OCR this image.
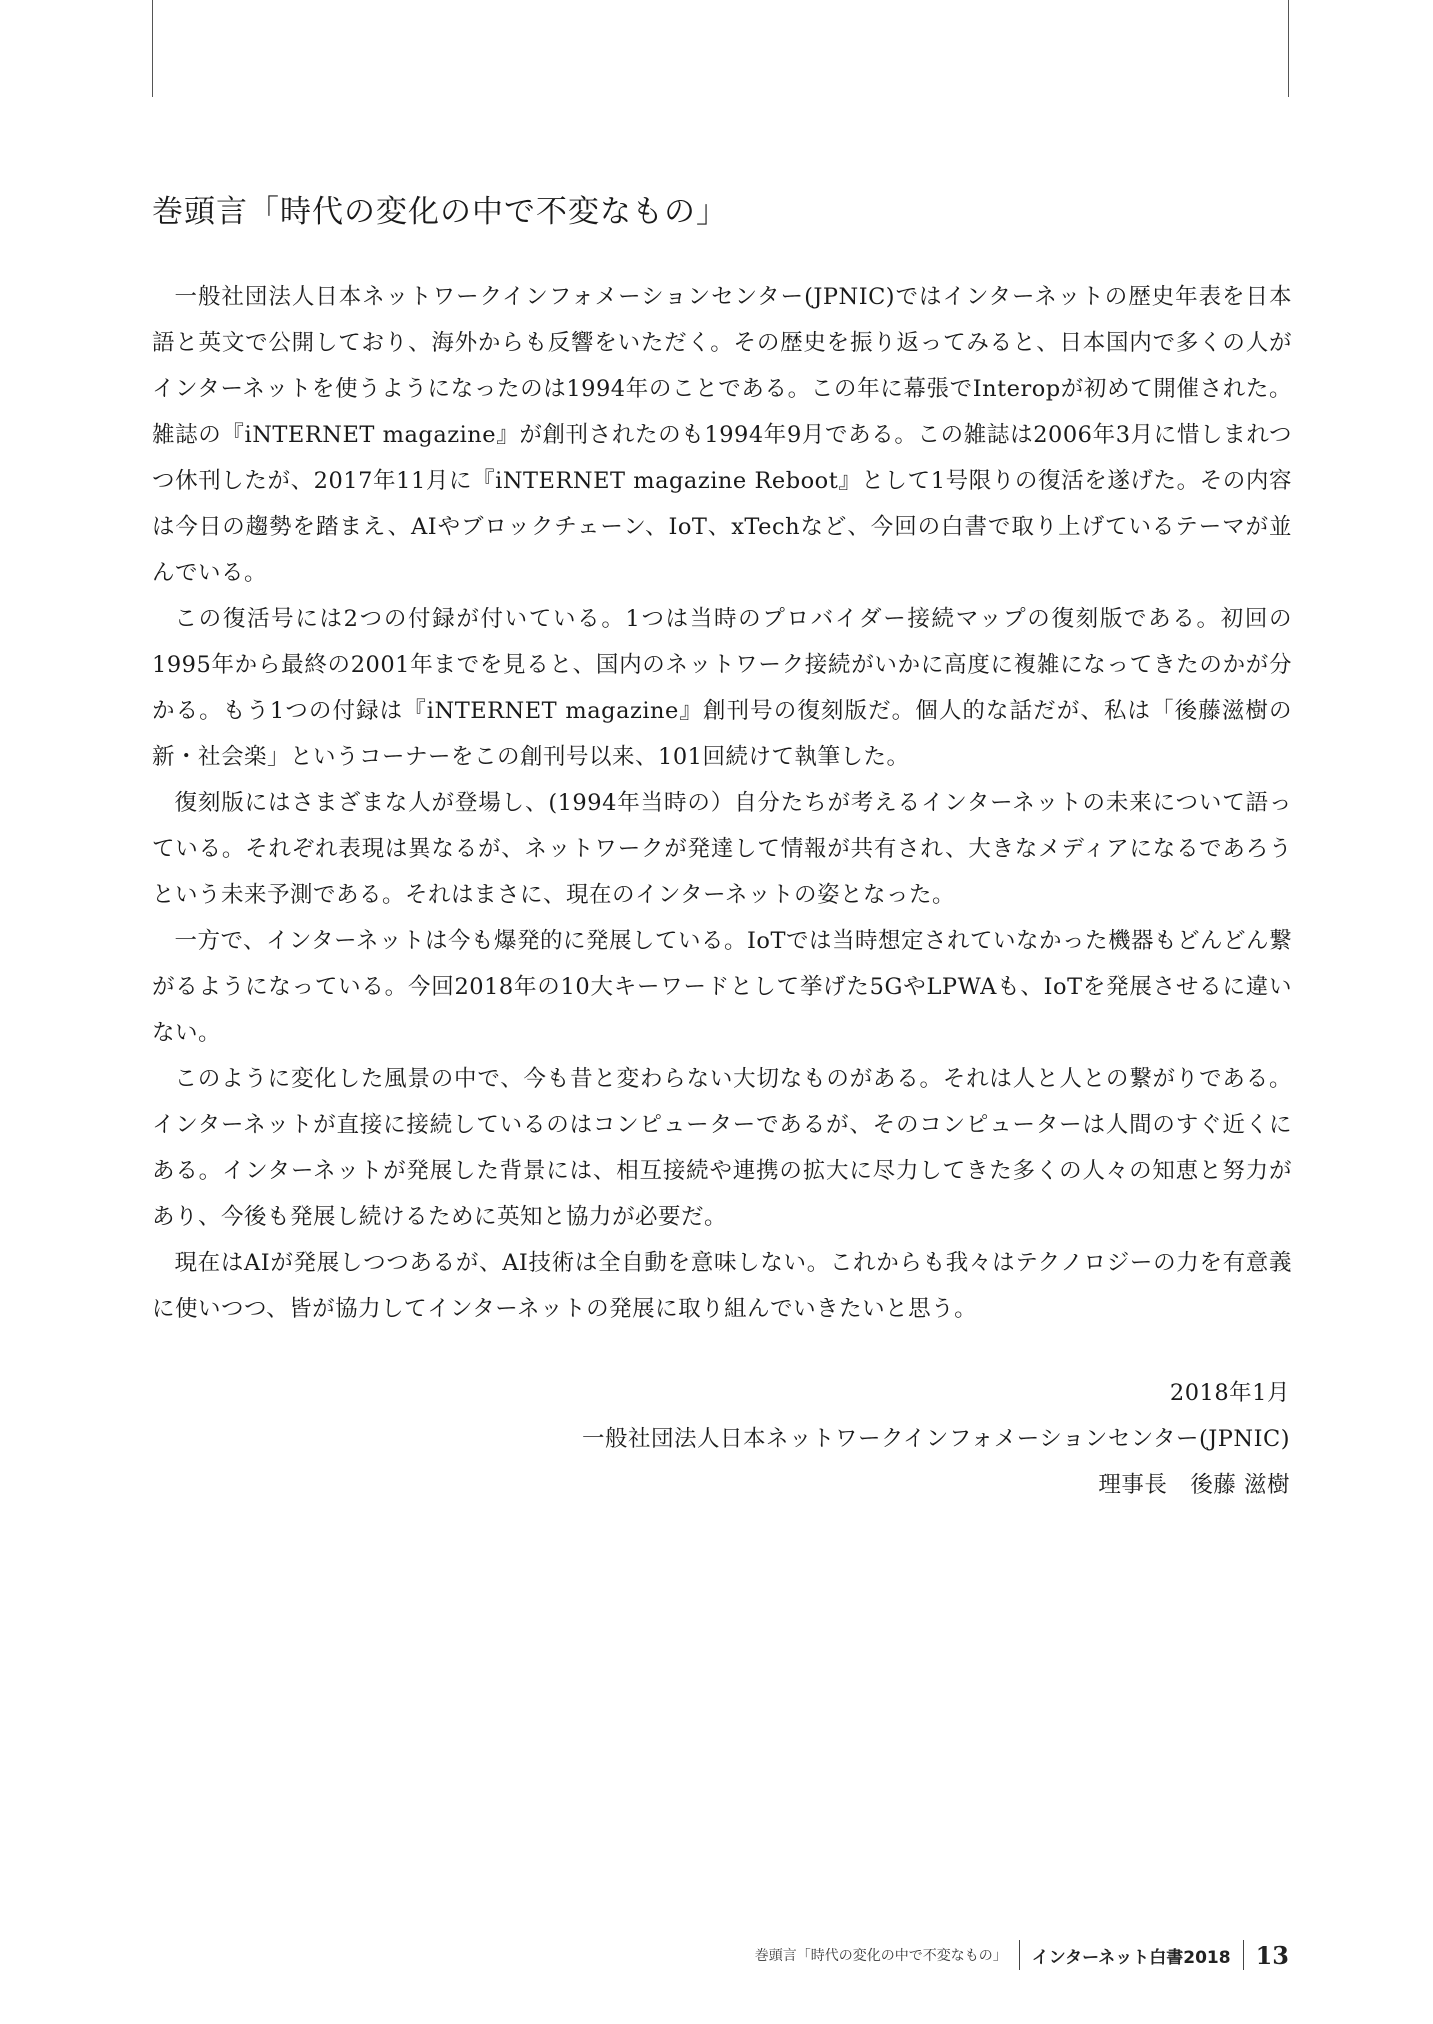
巻頭言「時代の変化の中で不変なもの」

一般社団法人日本ネットワークインフォメーションセンター(JPNIC)ではインターネットの歴史年表を日本語と英文で公開しており、海外からも反響をいただく。その歴史を振り返ってみると、日本国内で多くの人がインターネットを使うようになったのは1994年のことである。この年に幕張でInteropが初めて開催された。雑誌の『iNTERNET magazine』が創刊されたのも1994年9月である。この雑誌は2006年3月に惜しまれつつ休刊したが、2017年11月に『iNTERNET magazine Reboot』として1号限りの復活を遂げた。その内容は今日の趨勢を踏まえ、AIやブロックチェーン、IoT、xTechなど、今回の白書で取り上げているテーマが並んでいる。

この復活号には2つの付録が付いている。1つは当時のプロバイダー接続マップの復刻版である。初回の1995年から最終の2001年までを見ると、国内のネットワーク接続がいかに高度に複雑になってきたのかが分かる。もう1つの付録は『iNTERNET magazine』創刊号の復刻版だ。個人的な話だが、私は「後藤滋樹の新・社会楽」というコーナーをこの創刊号以来、101回続けて執筆した。

復刻版にはさまざまな人が登場し、(1994年当時の）自分たちが考えるインターネットの未来について語っている。それぞれ表現は異なるが、ネットワークが発達して情報が共有され、大きなメディアになるであろうという未来予測である。それはまさに、現在のインターネットの姿となった。

一方で、インターネットは今も爆発的に発展している。IoTでは当時想定されていなかった機器もどんどん繋がるようになっている。今回2018年の10大キーワードとして挙げた5GやLPWAも、IoTを発展させるに違いない。

このように変化した風景の中で、今も昔と変わらない大切なものがある。それは人と人との繋がりである。インターネットが直接に接続しているのはコンピューターであるが、そのコンピューターは人間のすぐ近くにある。インターネットが発展した背景には、相互接続や連携の拡大に尽力してきた多くの人々の知恵と努力があり、今後も発展し続けるために英知と協力が必要だ。

現在はAIが発展しつつあるが、AI技術は全自動を意味しない。これからも我々はテクノロジーの力を有意義に使いつつ、皆が協力してインターネットの発展に取り組んでいきたいと思う。

2018年1月
一般社団法人日本ネットワークインフォメーションセンター(JPNIC)
理事長　後藤 滋樹
巻頭言「時代の変化の中で不変なもの」 インターネット白書2018 13
